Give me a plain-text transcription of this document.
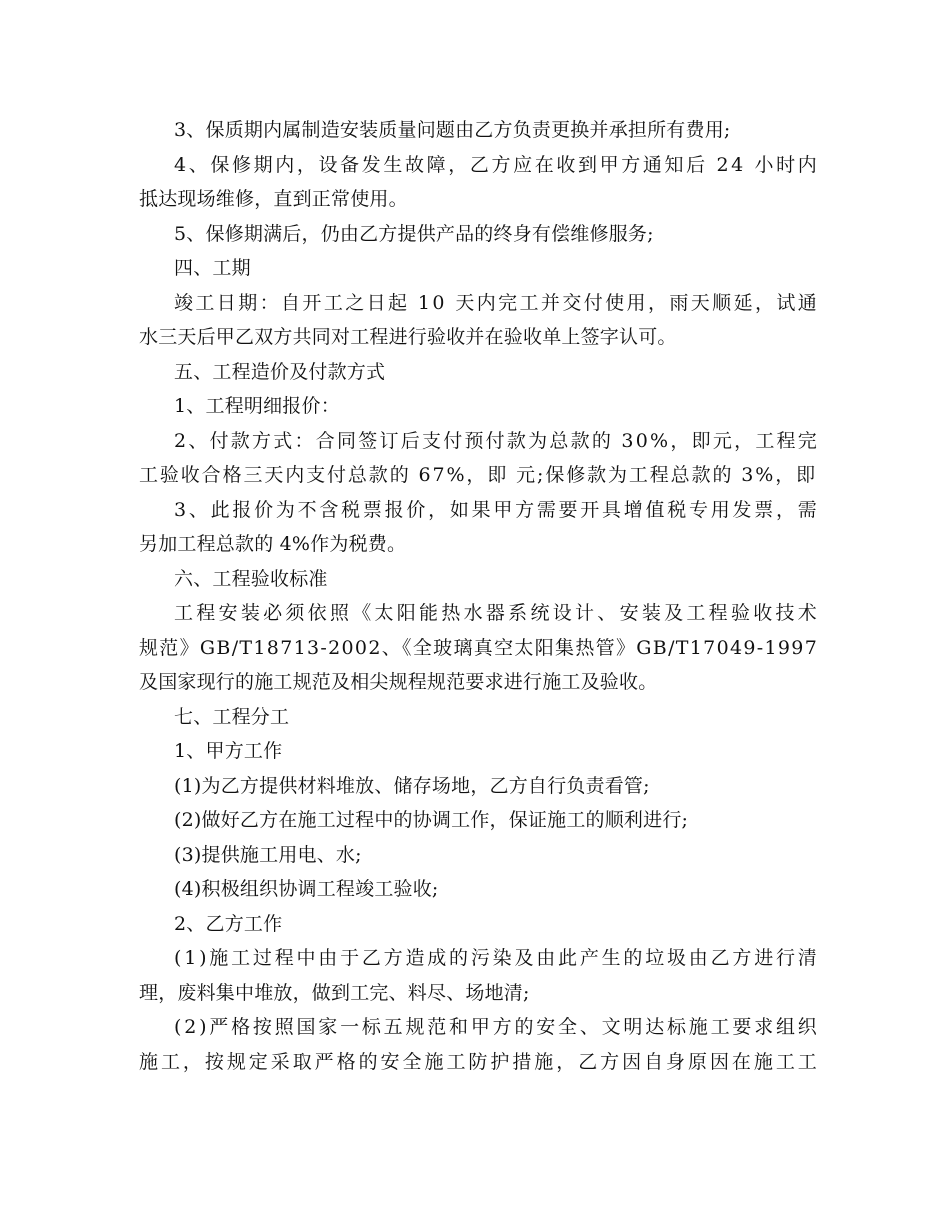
3、保质期内属制造安装质量问题由乙方负责更换并承担所有费用;
4、保修期内，设备发生故障，乙方应在收到甲方通知后 24 小时内
抵达现场维修，直到正常使用。
5、保修期满后，仍由乙方提供产品的终身有偿维修服务;
四、工期
竣工日期：自开工之日起 10 天内完工并交付使用，雨天顺延，试通
水三天后甲乙双方共同对工程进行验收并在验收单上签字认可。
五、工程造价及付款方式
1、工程明细报价：
2、付款方式：合同签订后支付预付款为总款的 30%，即元，工程完
工验收合格三天内支付总款的 67%，即 元;保修款为工程总款的 3%，即
3、此报价为不含税票报价，如果甲方需要开具增值税专用发票，需
另加工程总款的 4%作为税费。
六、工程验收标准
工程安装必须依照《太阳能热水器系统设计、安装及工程验收技术
规范》GB/T18713-2002、《全玻璃真空太阳集热管》GB/T17049-1997
及国家现行的施工规范及相尖规程规范要求进行施工及验收。
七、工程分工
1、甲方工作
(1)为乙方提供材料堆放、储存场地，乙方自行负责看管;
(2)做好乙方在施工过程中的协调工作，保证施工的顺利进行;
(3)提供施工用电、水;
(4)积极组织协调工程竣工验收;
2、乙方工作
(1)施工过程中由于乙方造成的污染及由此产生的垃圾由乙方进行清
理，废料集中堆放，做到工完、料尽、场地清;
(2)严格按照国家一标五规范和甲方的安全、文明达标施工要求组织
施工，按规定采取严格的安全施工防护措施，乙方因自身原因在施工工
